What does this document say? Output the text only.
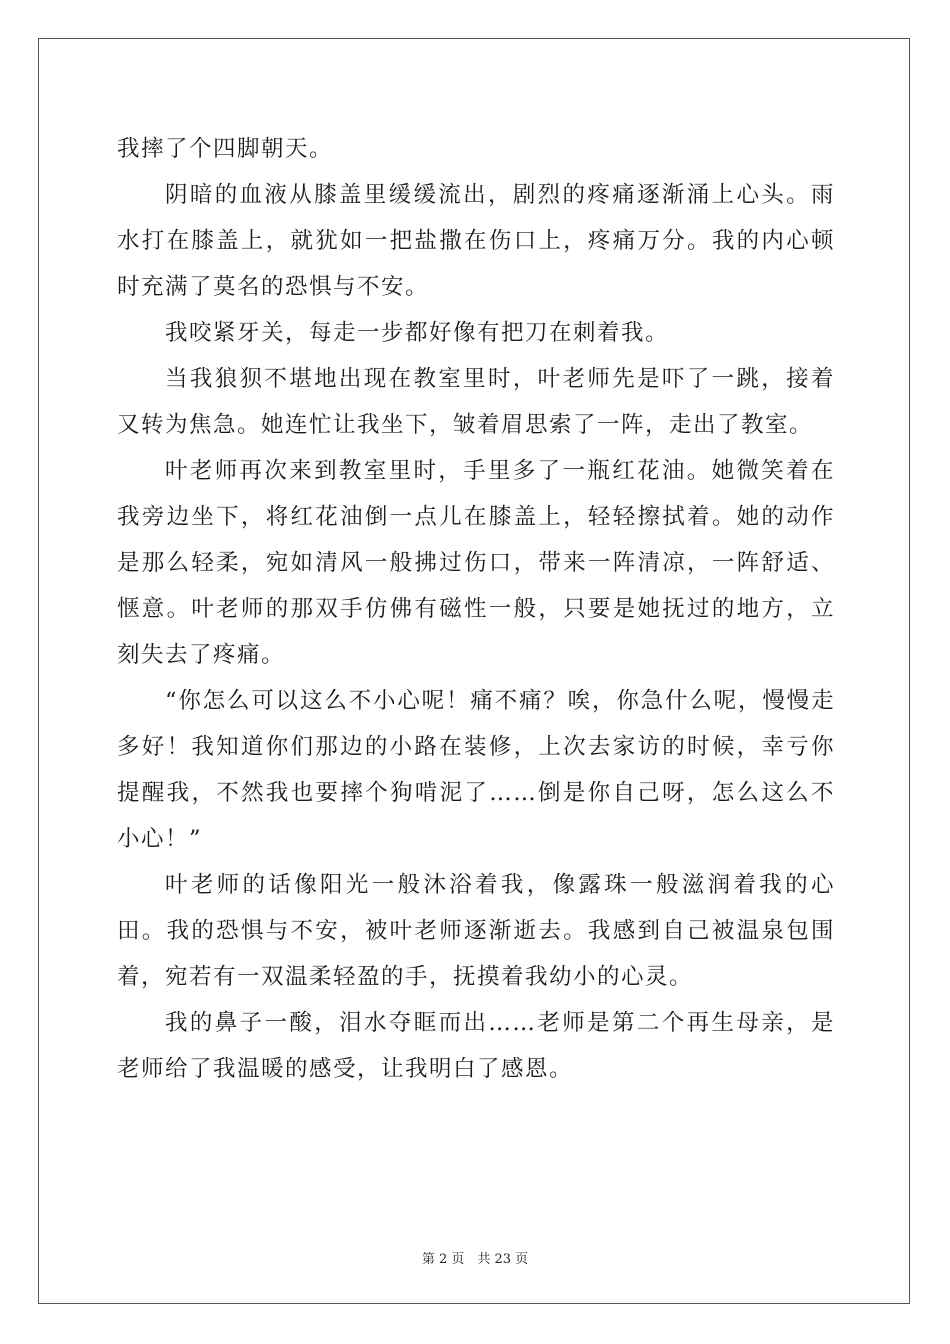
我摔了个四脚朝天。

阴暗的血液从膝盖里缓缓流出，剧烈的疼痛逐渐涌上心头。雨水打在膝盖上，就犹如一把盐撒在伤口上，疼痛万分。我的内心顿时充满了莫名的恐惧与不安。

我咬紧牙关，每走一步都好像有把刀在刺着我。

当我狼狈不堪地出现在教室里时，叶老师先是吓了一跳，接着又转为焦急。她连忙让我坐下，皱着眉思索了一阵，走出了教室。

叶老师再次来到教室里时，手里多了一瓶红花油。她微笑着在我旁边坐下，将红花油倒一点儿在膝盖上，轻轻擦拭着。她的动作是那么轻柔，宛如清风一般拂过伤口，带来一阵清凉，一阵舒适、惬意。叶老师的那双手仿佛有磁性一般，只要是她抚过的地方，立刻失去了疼痛。

“你怎么可以这么不小心呢！痛不痛？唉，你急什么呢，慢慢走多好！我知道你们那边的小路在装修，上次去家访的时候，幸亏你提醒我，不然我也要摔个狗啃泥了……倒是你自己呀，怎么这么不小心！”

叶老师的话像阳光一般沐浴着我，像露珠一般滋润着我的心田。我的恐惧与不安，被叶老师逐渐逝去。我感到自己被温泉包围着，宛若有一双温柔轻盈的手，抚摸着我幼小的心灵。

我的鼻子一酸，泪水夺眶而出……老师是第二个再生母亲，是老师给了我温暖的感受，让我明白了感恩。

第 2 页　共 23 页
